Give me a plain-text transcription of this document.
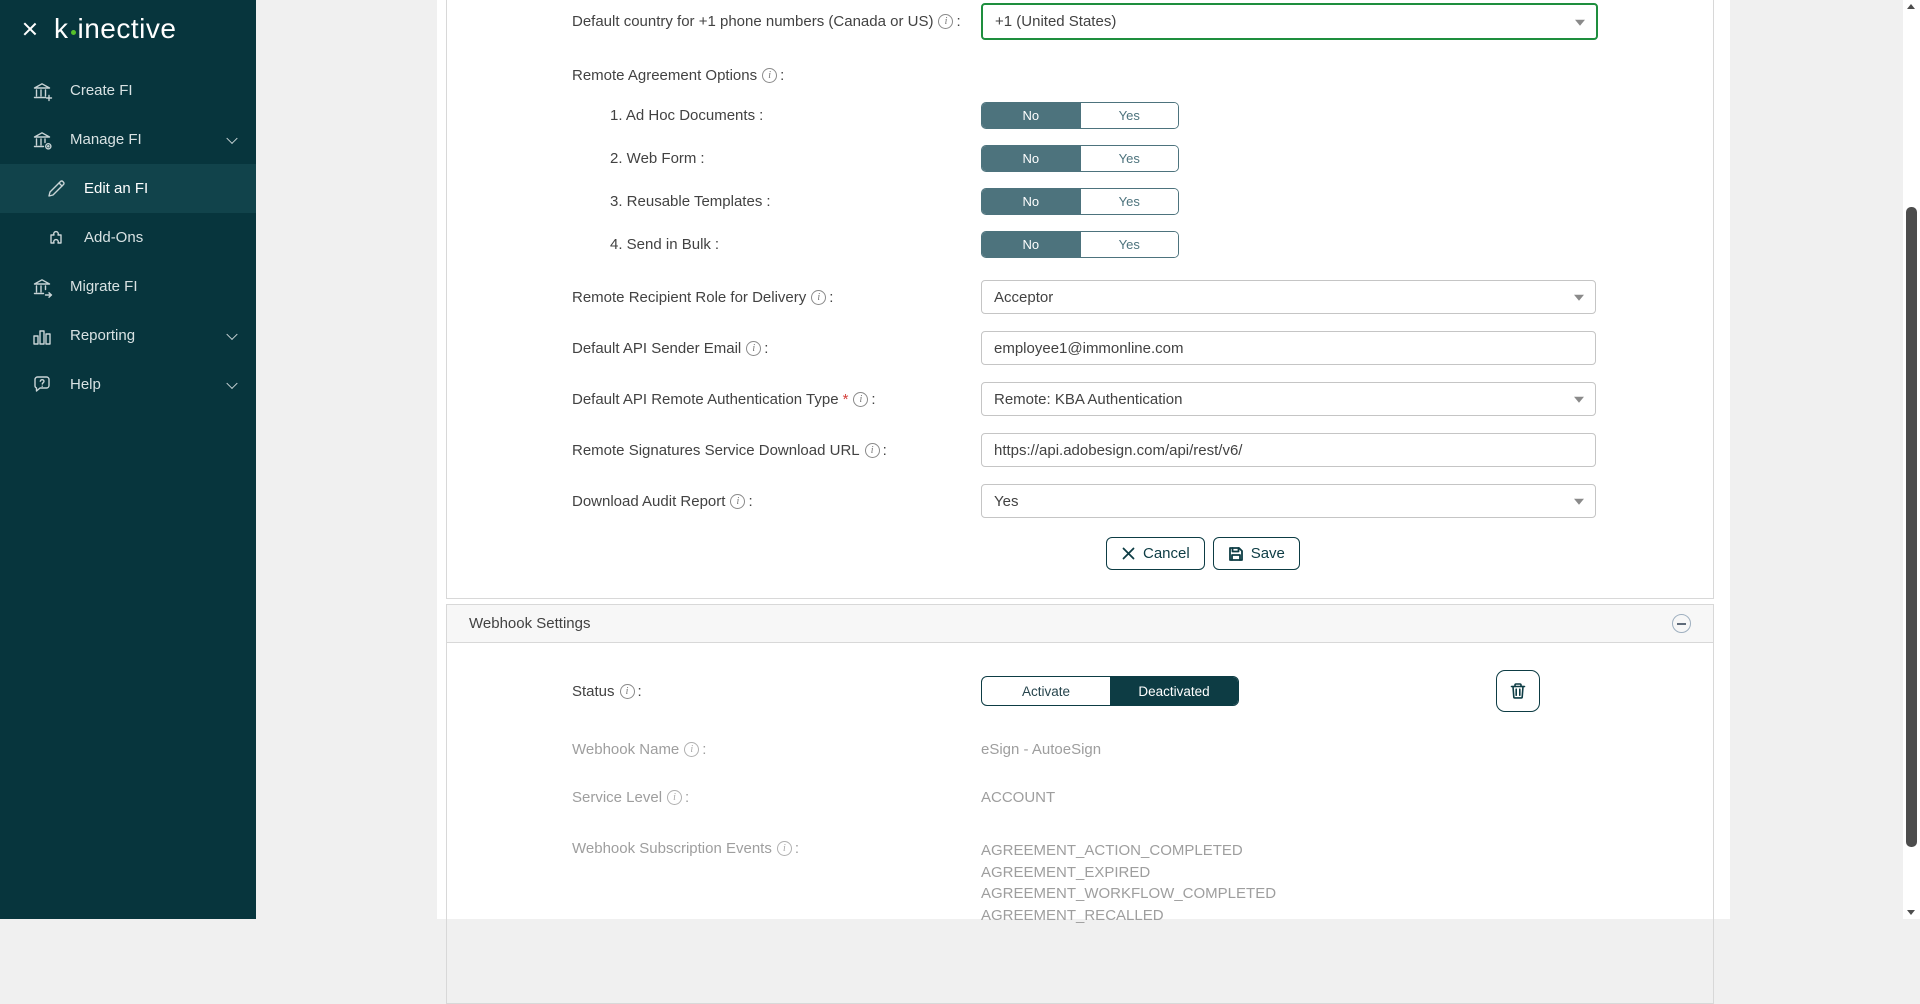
k inective
Create FI
Manage FI
Edit an FI
Add-Ons
Migrate FI
Reporting
Help
Default country for +1 phone numbers (Canada or US)	i : +1 (United States)
Remote Agreement Options	i :
1. Ad Hoc Documents :	No	Yes
2. Web Form :	No	Yes
3. Reusable Templates :	No	Yes
4. Send in Bulk :	No	Yes
Remote Recipient Role for Delivery	i :	Acceptor
Default API Sender Email	i :	employee1@immonline.com
Default API Remote Authentication Type *	i :	Remote: KBA Authentication
Remote Signatures Service Download URL	i :	https://api.adobesign.com/api/rest/v6/
Download Audit Report	i :	Yes
Cancel	Save
Webhook Settings
Status	i :	Activate	Deactivated
Webhook Name	i :	eSign - AutoeSign
Service Level	i :	ACCOUNT
Webhook Subscription Events	i :	AGREEMENT_ACTION_COMPLETED
AGREEMENT_EXPIRED
AGREEMENT_WORKFLOW_COMPLETED
AGREEMENT_RECALLED
